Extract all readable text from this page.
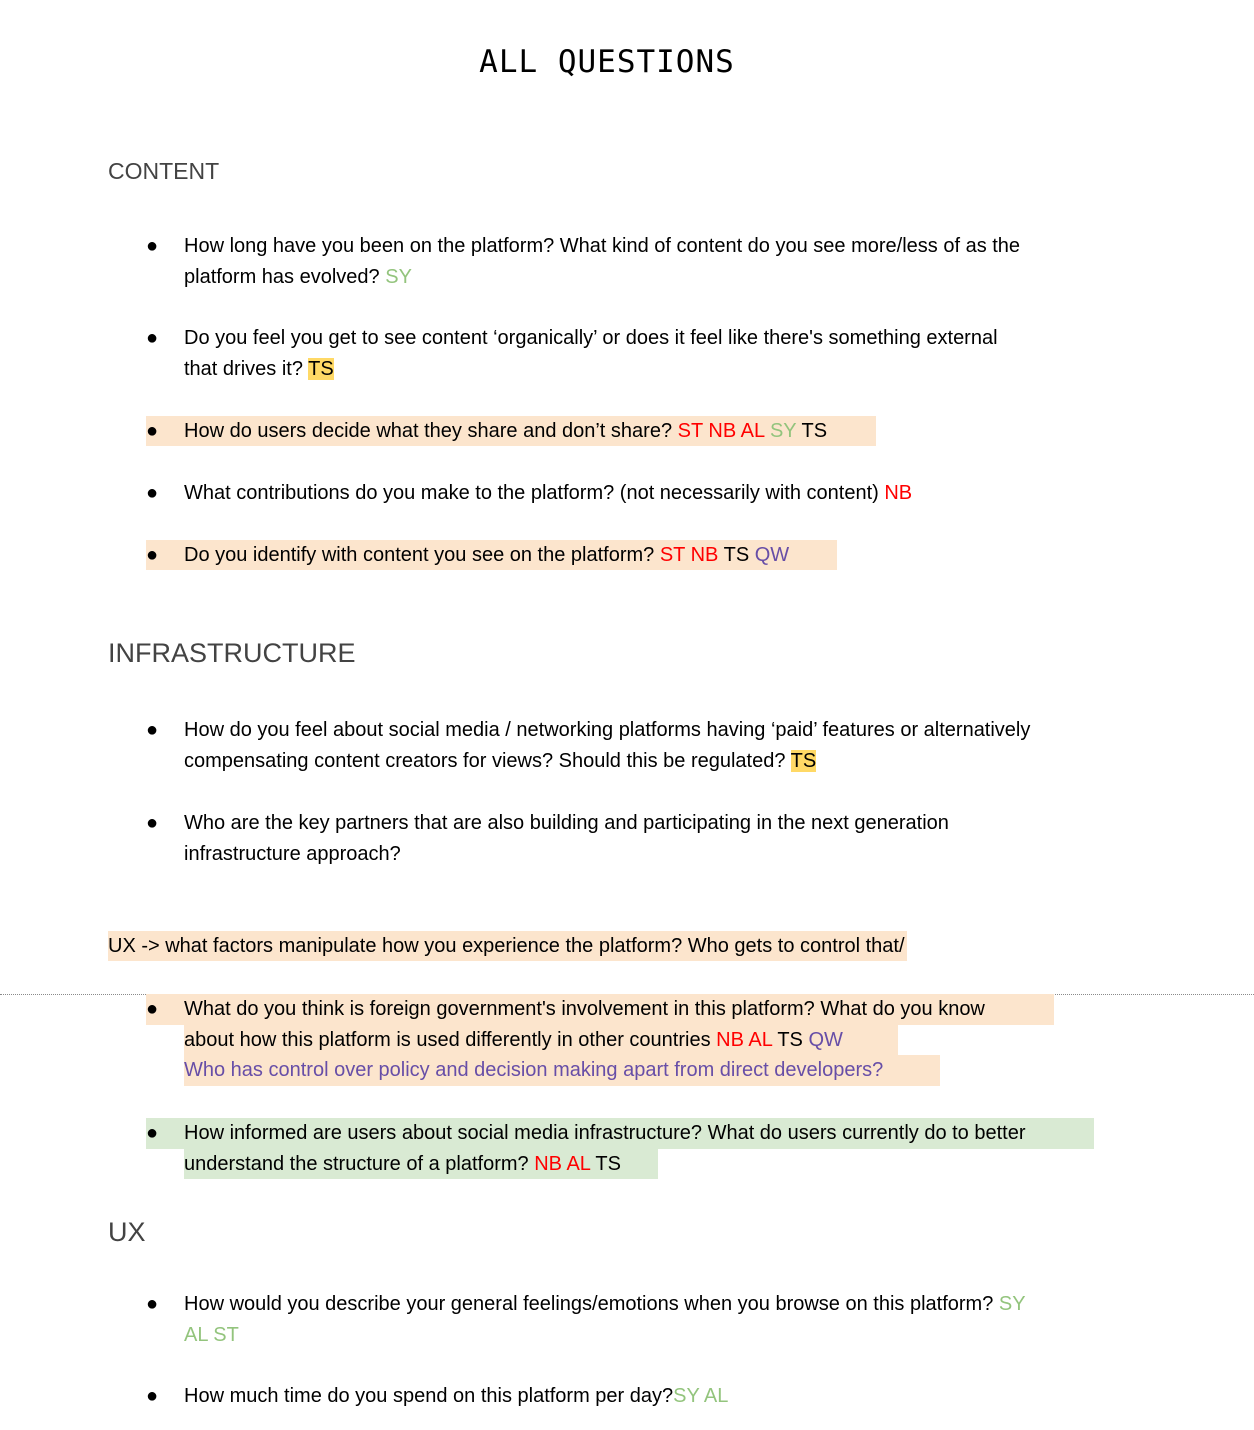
ALL QUESTIONS
CONTENT
●	How long have you been on the platform? What kind of content do you see more/less of as the
platform has evolved? SY
●	Do you feel you get to see content ‘organically’ or does it feel like there's something external
that drives it? TS
●	How do users decide what they share and don’t share? ST NB AL SY TS
●	What contributions do you make to the platform? (not necessarily with content) NB
●	Do you identify with content you see on the platform? ST NB TS QW
INFRASTRUCTURE
●	How do you feel about social media / networking platforms having ‘paid’ features or alternatively
compensating content creators for views? Should this be regulated? TS
●	Who are the key partners that are also building and participating in the next generation
infrastructure approach?
UX -> what factors manipulate how you experience the platform? Who gets to control that/
●	What do you think is foreign government's involvement in this platform? What do you know
about how this platform is used differently in other countries NB AL TS QW
Who has control over policy and decision making apart from direct developers?
●	How informed are users about social media infrastructure? What do users currently do to better
understand the structure of a platform? NB AL TS
UX
●	How would you describe your general feelings/emotions when you browse on this platform? SY
AL ST
●	How much time do you spend on this platform per day?SY AL
